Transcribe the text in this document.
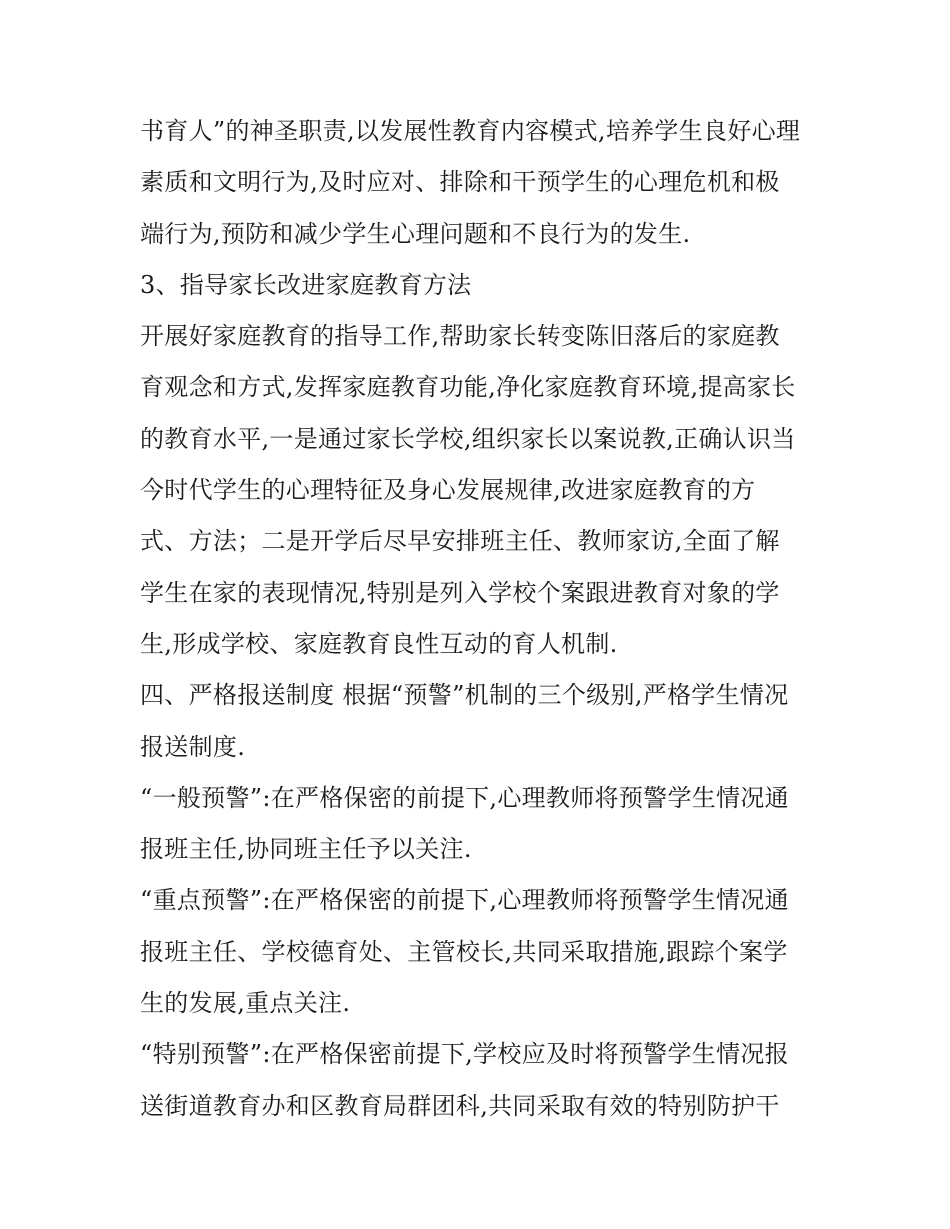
书育人”的神圣职责,以发展性教育内容模式,培养学生良好心理
素质和文明行为,及时应对、排除和干预学生的心理危机和极
端行为,预防和减少学生心理问题和不良行为的发生.
3、指导家长改进家庭教育方法
开展好家庭教育的指导工作,帮助家长转变陈旧落后的家庭教
育观念和方式,发挥家庭教育功能,净化家庭教育环境,提高家长
的教育水平,一是通过家长学校,组织家长以案说教,正确认识当
今时代学生的心理特征及身心发展规律,改进家庭教育的方
式、方法；二是开学后尽早安排班主任、教师家访,全面了解
学生在家的表现情况,特别是列入学校个案跟进教育对象的学
生,形成学校、家庭教育良性互动的育人机制.
四、严格报送制度 根据“预警”机制的三个级别,严格学生情况
报送制度.
“一般预警”:在严格保密的前提下,心理教师将预警学生情况通
报班主任,协同班主任予以关注.
“重点预警”:在严格保密的前提下,心理教师将预警学生情况通
报班主任、学校德育处、主管校长,共同采取措施,跟踪个案学
生的发展,重点关注.
“特别预警”:在严格保密前提下,学校应及时将预警学生情况报
送街道教育办和区教育局群团科,共同采取有效的特别防护干
